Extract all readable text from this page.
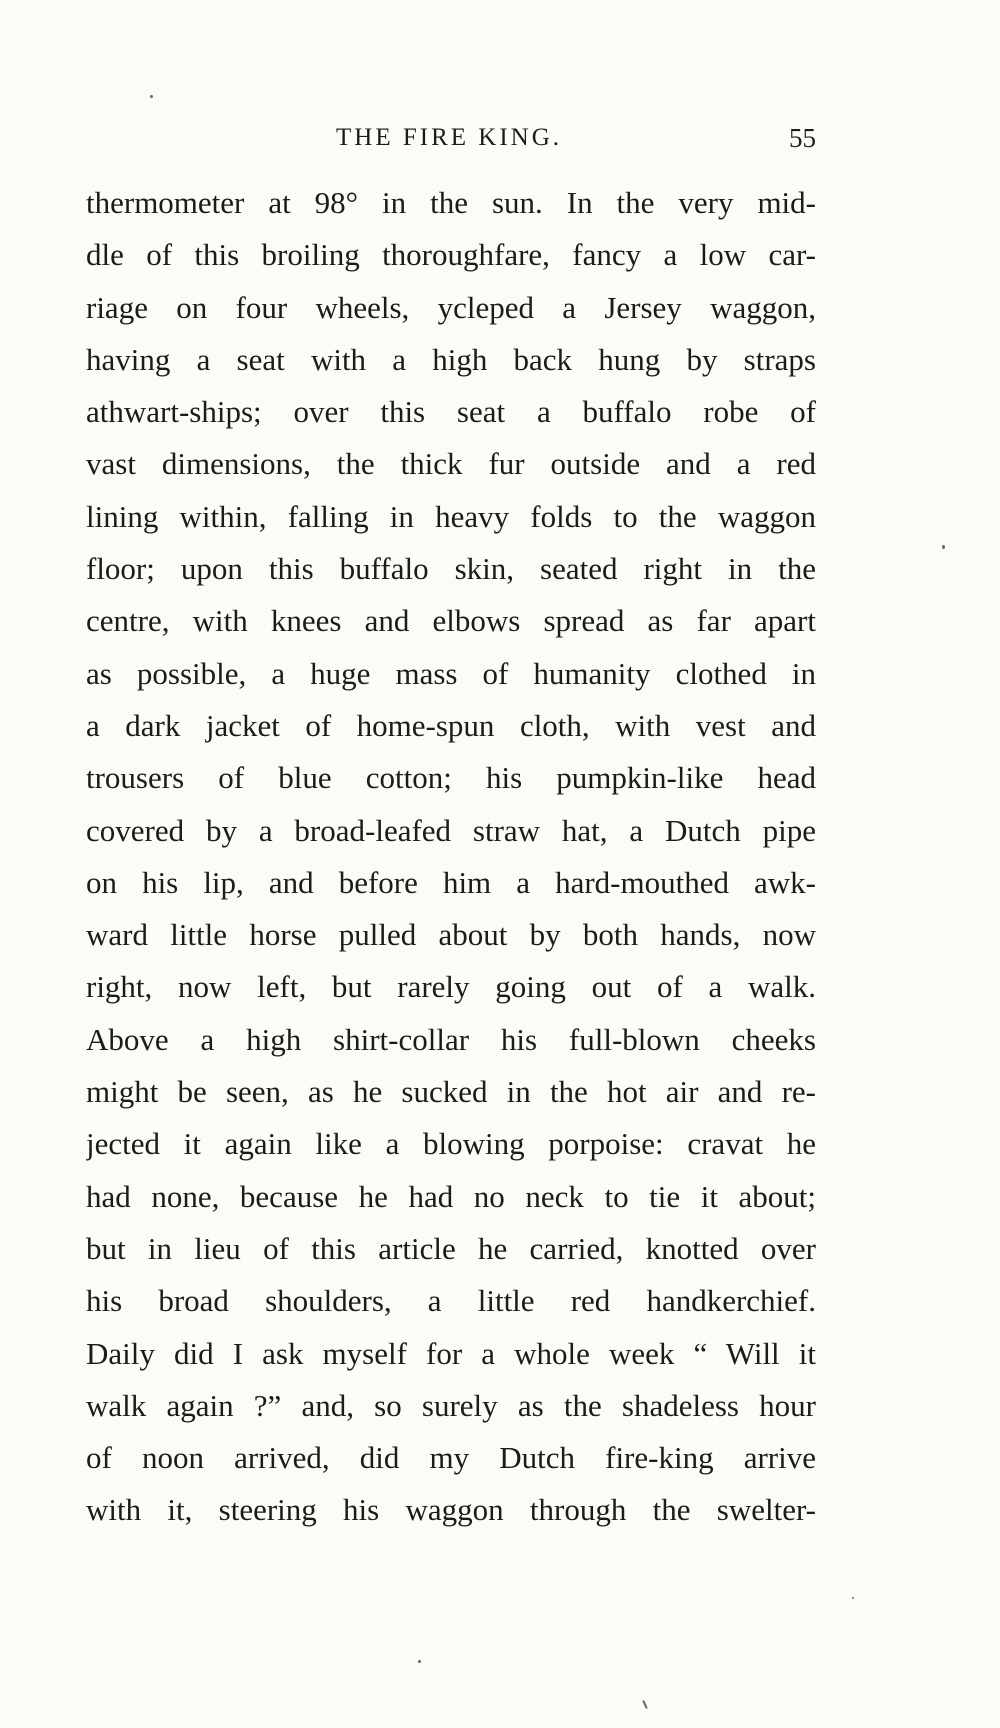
THE FIRE KING.	55
thermometer at 98° in the sun. In the very mid-
dle of this broiling thoroughfare, fancy a low car-
riage on four wheels, ycleped a Jersey waggon,
having a seat with a high back hung by straps
athwart-ships; over this seat a buffalo robe of
vast dimensions, the thick fur outside and a red
lining within, falling in heavy folds to the waggon
floor; upon this buffalo skin, seated right in the
centre, with knees and elbows spread as far apart
as possible, a huge mass of humanity clothed in
a dark jacket of home-spun cloth, with vest and
trousers of blue cotton; his pumpkin-like head
covered by a broad-leafed straw hat, a Dutch pipe
on his lip, and before him a hard-mouthed awk-
ward little horse pulled about by both hands, now
right, now left, but rarely going out of a walk.
Above a high shirt-collar his full-blown cheeks
might be seen, as he sucked in the hot air and re-
jected it again like a blowing porpoise: cravat he
had none, because he had no neck to tie it about;
but in lieu of this article he carried, knotted over
his broad shoulders, a little red handkerchief.
Daily did I ask myself for a whole week “ Will it
walk again ?” and, so surely as the shadeless hour
of noon arrived, did my Dutch fire-king arrive
with it, steering his waggon through the swelter-
